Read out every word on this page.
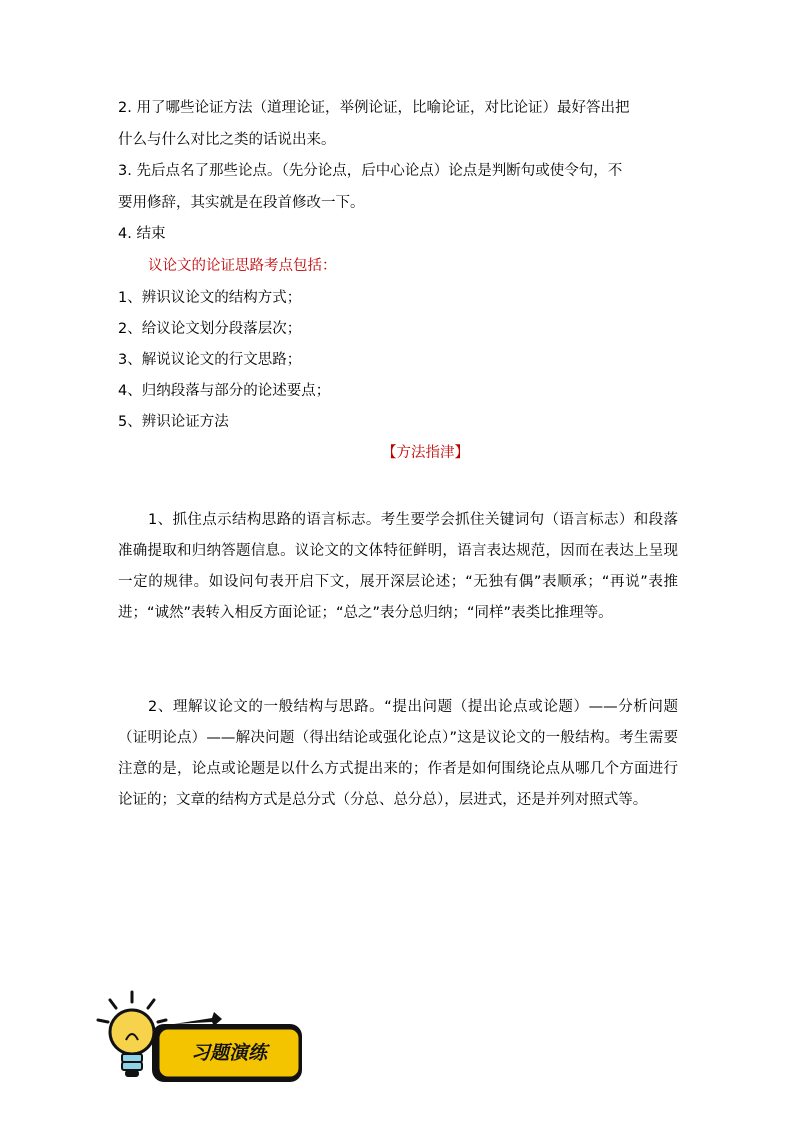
2. 用了哪些论证方法（道理论证，举例论证，比喻论证，对比论证）最好答出把
什么与什么对比之类的话说出来。
3. 先后点名了那些论点。（先分论点，后中心论点）论点是判断句或使令句，不
要用修辞，其实就是在段首修改一下。
4. 结束
议论文的论证思路考点包括：
1、辨识议论文的结构方式；
2、给议论文划分段落层次；
3、解说议论文的行文思路；
4、归纳段落与部分的论述要点；
5、辨识论证方法
【方法指津】
1、抓住点示结构思路的语言标志。考生要学会抓住关键词句（语言标志）和段落准确提取和归纳答题信息。议论文的文体特征鲜明，语言表达规范，因而在表达上呈现一定的规律。如设问句表开启下文，展开深层论述；“无独有偶”表顺承；“再说”表推进；“诚然”表转入相反方面论证；“总之”表分总归纳；“同样”表类比推理等。
2、理解议论文的一般结构与思路。“提出问题（提出论点或论题）——分析问题（证明论点）——解决问题（得出结论或强化论点）”这是议论文的一般结构。考生需要注意的是，论点或论题是以什么方式提出来的；作者是如何围绕论点从哪几个方面进行论证的；文章的结构方式是总分式（分总、总分总），层进式，还是并列对照式等。
习题演练
